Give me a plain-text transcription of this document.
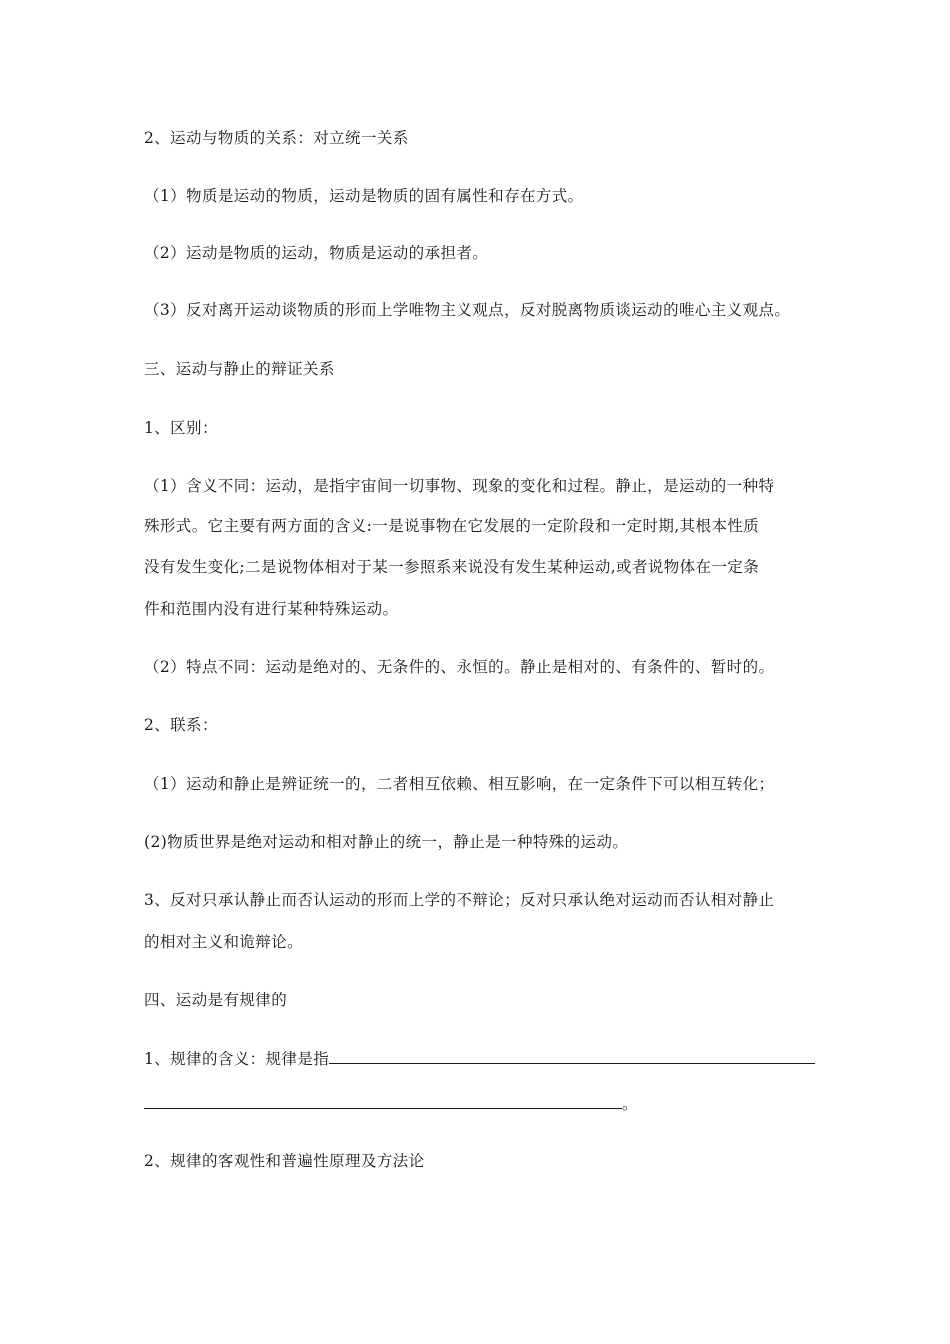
2、运动与物质的关系：对立统一关系
（1）物质是运动的物质，运动是物质的固有属性和存在方式。
（2）运动是物质的运动，物质是运动的承担者。
（3）反对离开运动谈物质的形而上学唯物主义观点，反对脱离物质谈运动的唯心主义观点。
三、运动与静止的辩证关系
1、区别：
（1）含义不同：运动，是指宇宙间一切事物、现象的变化和过程。静止，是运动的一种特
殊形式。它主要有两方面的含义:一是说事物在它发展的一定阶段和一定时期,其根本性质
没有发生变化;二是说物体相对于某一参照系来说没有发生某种运动,或者说物体在一定条
件和范围内没有进行某种特殊运动。
（2）特点不同：运动是绝对的、无条件的、永恒的。静止是相对的、有条件的、暂时的。
2、联系：
（1）运动和静止是辨证统一的，二者相互依赖、相互影响，在一定条件下可以相互转化；
(2)物质世界是绝对运动和相对静止的统一，静止是一种特殊的运动。
3、反对只承认静止而否认运动的形而上学的不辩论；反对只承认绝对运动而否认相对静止
的相对主义和诡辩论。
四、运动是有规律的
1、规律的含义：规律是指
。
2、规律的客观性和普遍性原理及方法论
